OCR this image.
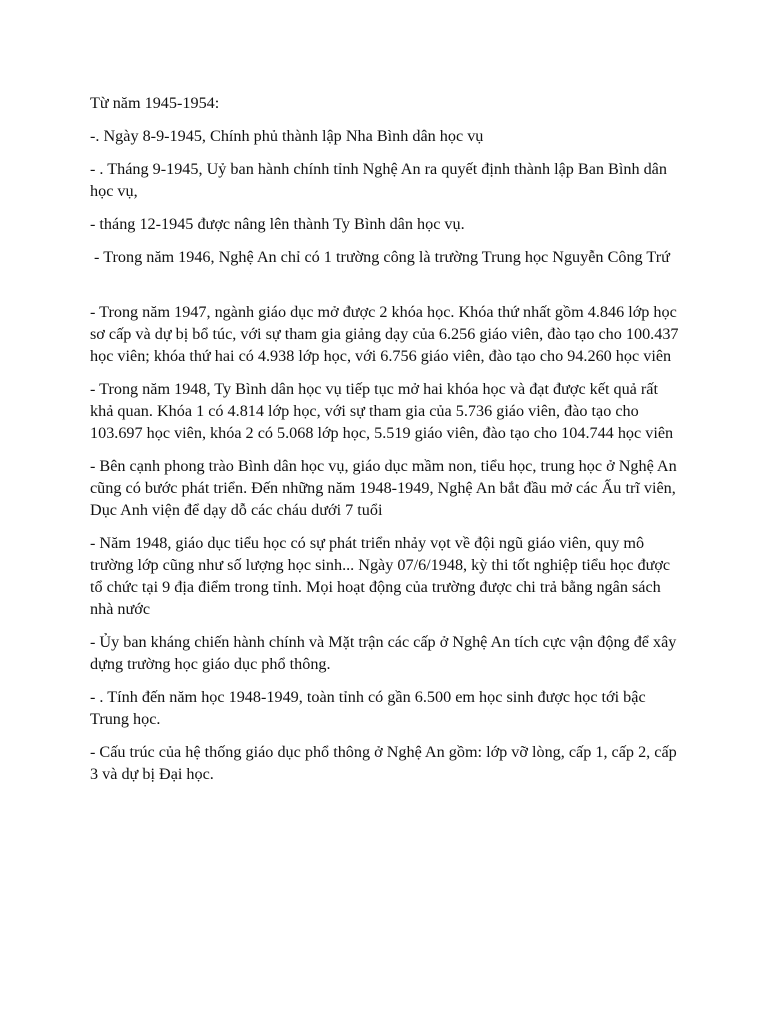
Từ năm 1945-1954:

-. Ngày 8-9-1945, Chính phủ thành lập Nha Bình dân học vụ

- . Tháng 9-1945, Uỷ ban hành chính tỉnh Nghệ An ra quyết định thành lập Ban Bình dân học vụ,

- tháng 12-1945 được nâng lên thành Ty Bình dân học vụ.

- Trong năm 1946, Nghệ An chỉ có 1 trường công là trường Trung học Nguyễn Công Trứ

- Trong năm 1947, ngành giáo dục mở được 2 khóa học. Khóa thứ nhất gồm 4.846 lớp học sơ cấp và dự bị bổ túc, với sự tham gia giảng dạy của 6.256 giáo viên, đào tạo cho 100.437 học viên; khóa thứ hai có 4.938 lớp học, với 6.756 giáo viên, đào tạo cho 94.260 học viên

- Trong năm 1948, Ty Bình dân học vụ tiếp tục mở hai khóa học và đạt được kết quả rất khả quan. Khóa 1 có 4.814 lớp học, với sự tham gia của 5.736 giáo viên, đào tạo cho 103.697 học viên, khóa 2 có 5.068 lớp học, 5.519 giáo viên, đào tạo cho 104.744 học viên

- Bên cạnh phong trào Bình dân học vụ, giáo dục mầm non, tiểu học, trung học ở Nghệ An cũng có bước phát triển. Đến những năm 1948-1949, Nghệ An bắt đầu mở các Ấu trĩ viên, Dục Anh viện để dạy dỗ các cháu dưới 7 tuổi

- Năm 1948, giáo dục tiểu học có sự phát triển nhảy vọt về đội ngũ giáo viên, quy mô trường lớp cũng như số lượng học sinh... Ngày 07/6/1948, kỳ thi tốt nghiệp tiểu học được tổ chức tại 9 địa điểm trong tỉnh. Mọi hoạt động của trường được chi trả bằng ngân sách nhà nước

- Ủy ban kháng chiến hành chính và Mặt trận các cấp ở Nghệ An tích cực vận động để xây dựng trường học giáo dục phổ thông.

- . Tính đến năm học 1948-1949, toàn tỉnh có gần 6.500 em học sinh được học tới bậc Trung học.

- Cấu trúc của hệ thống giáo dục phổ thông ở Nghệ An gồm: lớp vỡ lòng, cấp 1, cấp 2, cấp 3 và dự bị Đại học.
